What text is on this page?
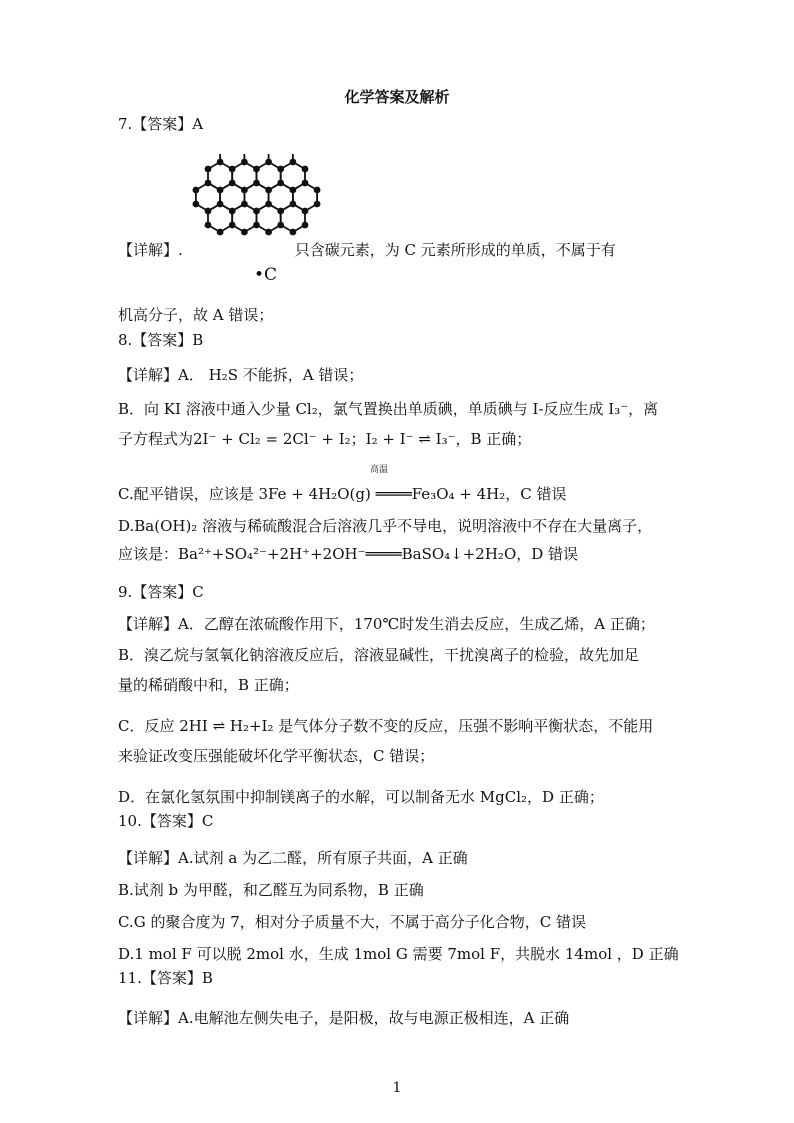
化学答案及解析
7.【答案】A
•C
【详解】.	只含碳元素，为 C 元素所形成的单质，不属于有
机高分子，故 A 错误；
8.【答案】B
【详解】A． H₂S 不能拆，A 错误；
B．向 KI 溶液中通入少量 Cl₂，氯气置换出单质碘，单质碘与 I-反应生成 I₃⁻，离
子方程式为2I⁻ + Cl₂ = 2Cl⁻ + I₂；I₂ + I⁻ ⇌ I₃⁻，B 正确；
高温
C.配平错误，应该是 3Fe + 4H₂O(g) ════Fe₃O₄ + 4H₂，C 错误
D.Ba(OH)₂ 溶液与稀硫酸混合后溶液几乎不导电，说明溶液中不存在大量离子，
应该是：Ba²⁺+SO₄²⁻+2H⁺+2OH⁻════BaSO₄↓+2H₂O，D 错误
9.【答案】C
【详解】A．乙醇在浓硫酸作用下，170℃时发生消去反应，生成乙烯，A 正确；
B．溴乙烷与氢氧化钠溶液反应后，溶液显碱性，干扰溴离子的检验，故先加足
量的稀硝酸中和，B 正确；
C．反应 2HI ⇌ H₂+I₂ 是气体分子数不变的反应，压强不影响平衡状态，不能用
来验证改变压强能破坏化学平衡状态，C 错误；
D．在氯化氢氛围中抑制镁离子的水解，可以制备无水 MgCl₂，D 正确；
10.【答案】C
【详解】A.试剂 a 为乙二醛，所有原子共面，A 正确
B.试剂 b 为甲醛，和乙醛互为同系物，B 正确
C.G 的聚合度为 7，相对分子质量不大，不属于高分子化合物，C 错误
D.1 mol F 可以脱 2mol 水，生成 1mol G 需要 7mol F，共脱水 14mol ，D 正确
11.【答案】B
【详解】A.电解池左侧失电子，是阳极，故与电源正极相连，A 正确
1
